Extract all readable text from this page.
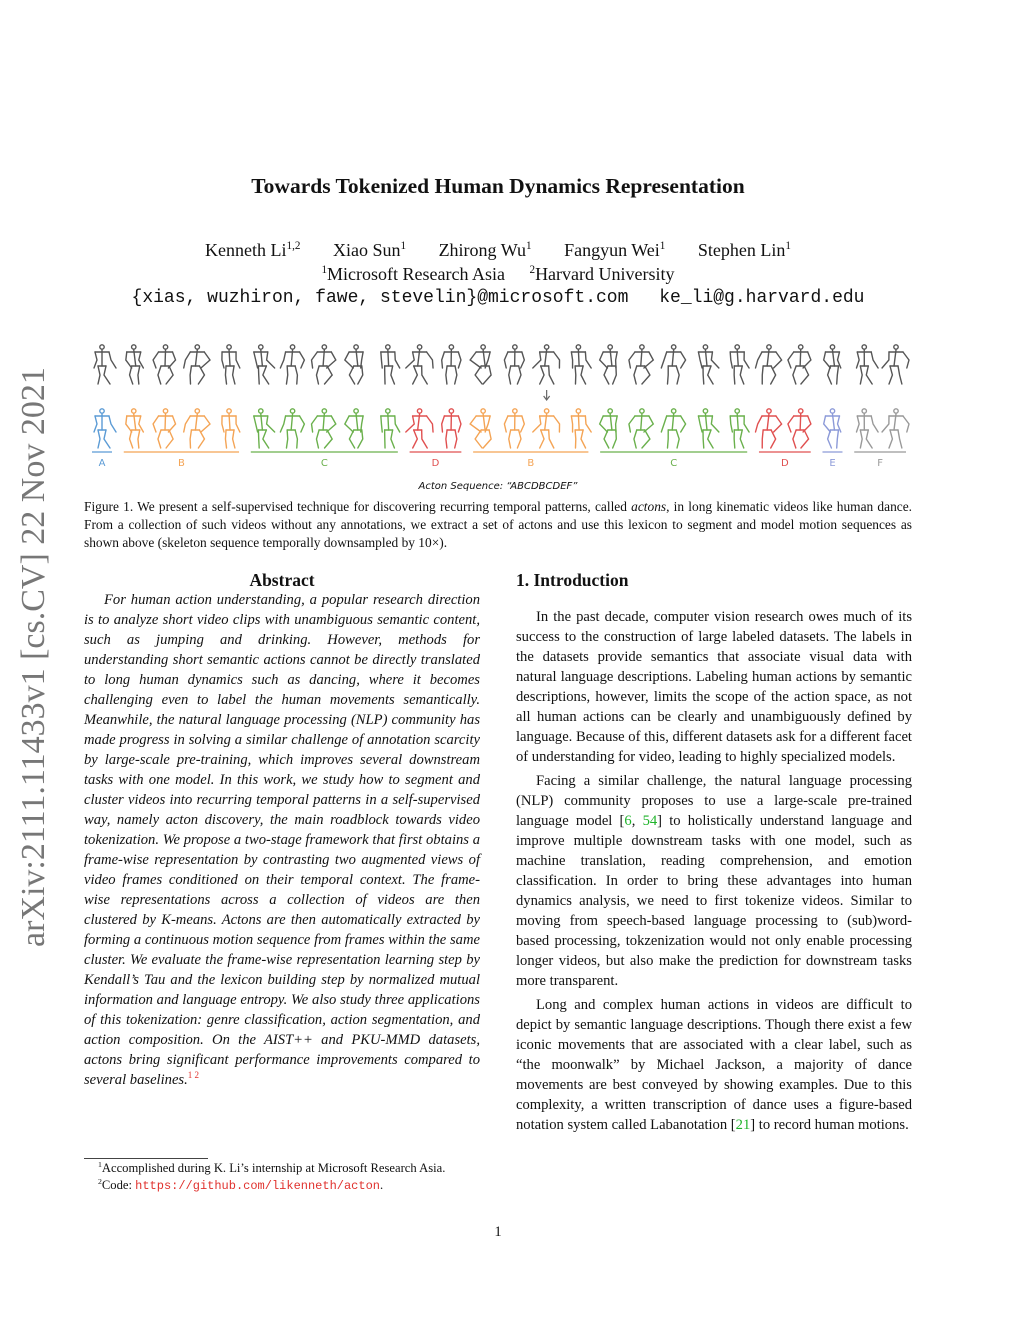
arXiv:2111.11433v1 [cs.CV] 22 Nov 2021
Towards Tokenized Human Dynamics Representation
Kenneth Li$^{1,2}$ Xiao Sun$^1$ Zhirong Wu$^1$ Fangyun Wei$^1$ Stephen Lin$^1$
$^1$Microsoft Research Asia $^2$Harvard University
{xias, wuzhiron, fawe, stevelin}@microsoft.com ke_li@g.harvard.edu
A	B	C	D	B	C	D	E	F
Acton Sequence: “ABCDBCDEF”
Figure 1. We present a self-supervised technique for discovering recurring temporal patterns, called actons, in long kinematic videos like human dance. From a collection of such videos without any annotations, we extract a set of actons and use this lexicon to segment and model motion sequences as shown above (skeleton sequence temporally downsampled by 10×).
Abstract
For human action understanding, a popular research direction is to analyze short video clips with unambiguous semantic content, such as jumping and drinking. However, methods for understanding short semantic actions cannot be directly translated to long human dynamics such as dancing, where it becomes challenging even to label the human movements semantically. Meanwhile, the natural language processing (NLP) community has made progress in solving a similar challenge of annotation scarcity by large-scale pre-training, which improves several downstream tasks with one model. In this work, we study how to segment and cluster videos into recurring temporal patterns in a self-supervised way, namely acton discovery, the main roadblock towards video tokenization. We propose a two-stage framework that first obtains a frame-wise representation by contrasting two augmented views of video frames conditioned on their temporal context. The frame-wise representations across a collection of videos are then clustered by K-means. Actons are then automatically extracted by forming a continuous motion sequence from frames within the same cluster. We evaluate the frame-wise representation learning step by Kendall’s Tau and the lexicon building step by normalized mutual information and language entropy. We also study three applications of this tokenization: genre classification, action segmentation, and action composition. On the AIST++ and PKU-MMD datasets, actons bring significant performance improvements compared to several baselines.$^{1 2}$
$^1$Accomplished during K. Li’s internship at Microsoft Research Asia.
$^2$Code: https://github.com/likenneth/acton.
1. Introduction

In the past decade, computer vision research owes much of its success to the construction of large labeled datasets. The labels in the datasets provide semantics that associate visual data with natural language descriptions. Labeling human actions by semantic descriptions, however, limits the scope of the action space, as not all human actions can be clearly and unambiguously defined by language. Because of this, different datasets ask for a different facet of understanding for video, leading to highly specialized models.

Facing a similar challenge, the natural language processing (NLP) community proposes to use a large-scale pre-trained language model [6, 54] to holistically understand language and improve multiple downstream tasks with one model, such as machine translation, reading comprehension, and emotion classification. In order to bring these advantages into human dynamics analysis, we need to first tokenize videos. Similar to moving from speech-based language processing to (sub)word-based processing, tokzenization would not only enable processing longer videos, but also make the prediction for downstream tasks more transparent.

Long and complex human actions in videos are difficult to depict by semantic language descriptions. Though there exist a few iconic movements that are associated with a clear label, such as “the moonwalk” by Michael Jackson, a majority of dance movements are best conveyed by showing examples. Due to this complexity, a written transcription of dance uses a figure-based notation system called Labanotation [21] to record human motions.

1
